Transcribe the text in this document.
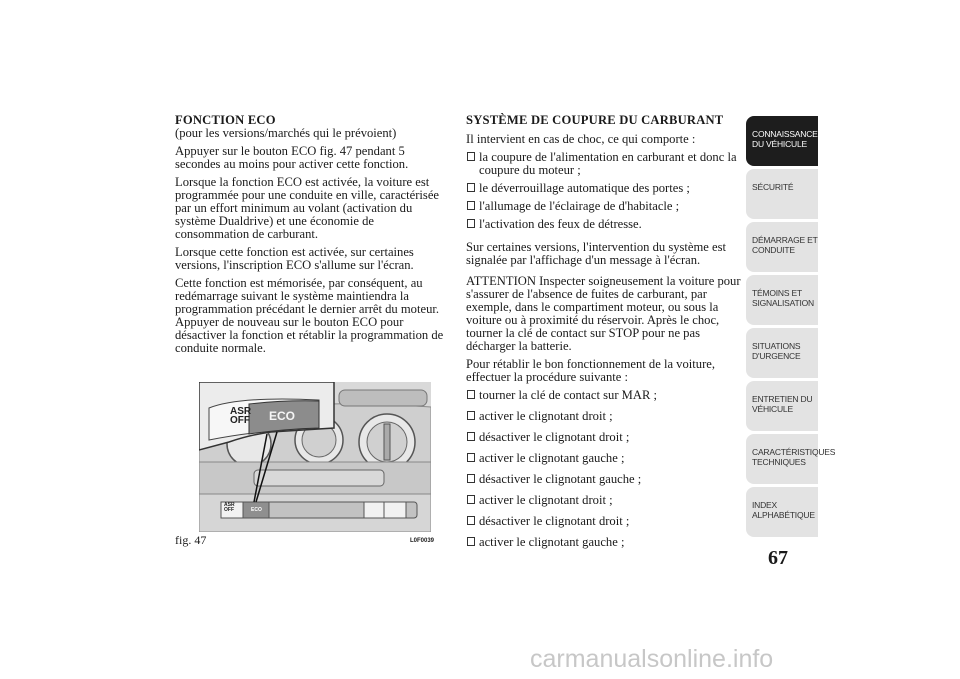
FONCTION ECO

(pour les versions/marchés qui le prévoient)

Appuyer sur le bouton ECO fig. 47 pendant 5 secondes au moins pour activer cette fonction.

Lorsque la fonction ECO est activée, la voiture est programmée pour une conduite en ville, caractérisée par un effort minimum au volant (activation du système Dualdrive) et une économie de consommation de carburant.

Lorsque cette fonction est activée, sur certaines versions, l'inscription ECO s'allume sur l'écran.

Cette fonction est mémorisée, par conséquent, au redémarrage suivant le système maintiendra la programmation précédant le dernier arrêt du moteur. Appuyer de nouveau sur le bouton ECO pour désactiver la fonction et rétablir la programmation de conduite normale.

ASR
OFF ECO
ASR
OFF	ECO
fig. 47	L0F0039
SYSTÈME DE COUPURE DU CARBURANT

Il intervient en cas de choc, ce qui comporte :

la coupure de l'alimentation en carburant et donc la coupure du moteur ;
le déverrouillage automatique des portes ;
l'allumage de l'éclairage de d'habitacle ;
l'activation des feux de détresse.

Sur certaines versions, l'intervention du système est signalée par l'affichage d'un message à l'écran.

ATTENTION Inspecter soigneusement la voiture pour s'assurer de l'absence de fuites de carburant, par exemple, dans le compartiment moteur, ou sous la voiture ou à proximité du réservoir. Après le choc, tourner la clé de contact sur STOP pour ne pas décharger la batterie.

Pour rétablir le bon fonctionnement de la voiture, effectuer la procédure suivante :

tourner la clé de contact sur MAR ;
activer le clignotant droit ;
désactiver le clignotant droit ;
activer le clignotant gauche ;
désactiver le clignotant gauche ;
activer le clignotant droit ;
désactiver le clignotant droit ;
activer le clignotant gauche ;
CONNAISSANCE DU VÉHICULE
SÉCURITÉ
DÉMARRAGE ET CONDUITE
TÉMOINS ET SIGNALISATION
SITUATIONS D'URGENCE
ENTRETIEN DU VÉHICULE
CARACTÉRISTIQUES TECHNIQUES
INDEX ALPHABÉTIQUE
67
carmanualsonline.info
